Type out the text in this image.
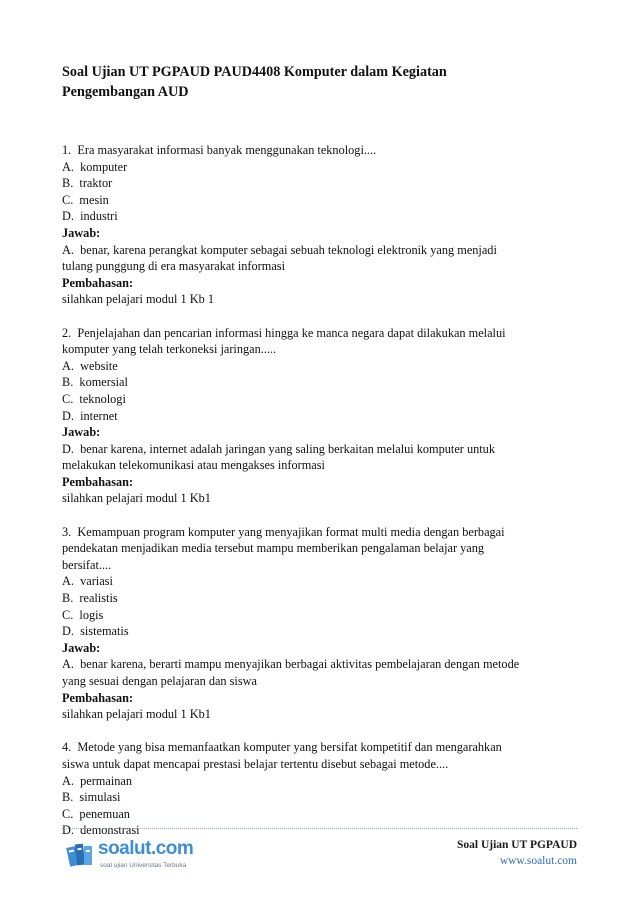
Soal Ujian UT PGPAUD PAUD4408 Komputer dalam Kegiatan
Pengembangan AUD
1.  Era masyarakat informasi banyak menggunakan teknologi....
A.  komputer
B.  traktor
C.  mesin
D.  industri
Jawab:
A.  benar, karena perangkat komputer sebagai sebuah teknologi elektronik yang menjadi
tulang punggung di era masyarakat informasi
Pembahasan:
silahkan pelajari modul 1 Kb 1
2.  Penjelajahan dan pencarian informasi hingga ke manca negara dapat dilakukan melalui
komputer yang telah terkoneksi jaringan.....
A.  website
B.  komersial
C.  teknologi
D.  internet
Jawab:
D.  benar karena, internet adalah jaringan yang saling berkaitan melalui komputer untuk
melakukan telekomunikasi atau mengakses informasi
Pembahasan:
silahkan pelajari modul 1 Kb1
3.  Kemampuan program komputer yang menyajikan format multi media dengan berbagai
pendekatan menjadikan media tersebut mampu memberikan pengalaman belajar yang
bersifat....
A.  variasi
B.  realistis
C.  logis
D.  sistematis
Jawab:
A.  benar karena, berarti mampu menyajikan berbagai aktivitas pembelajaran dengan metode
yang sesuai dengan pelajaran dan siswa
Pembahasan:
silahkan pelajari modul 1 Kb1
4.  Metode yang bisa memanfaatkan komputer yang bersifat kompetitif dan mengarahkan
siswa untuk dapat mencapai prestasi belajar tertentu disebut sebagai metode....
A.  permainan
B.  simulasi
C.  penemuan
D.  demonstrasi
soalut.com
soal ujian Universitas Terbuka
Soal Ujian UT PGPAUD
www.soalut.com
